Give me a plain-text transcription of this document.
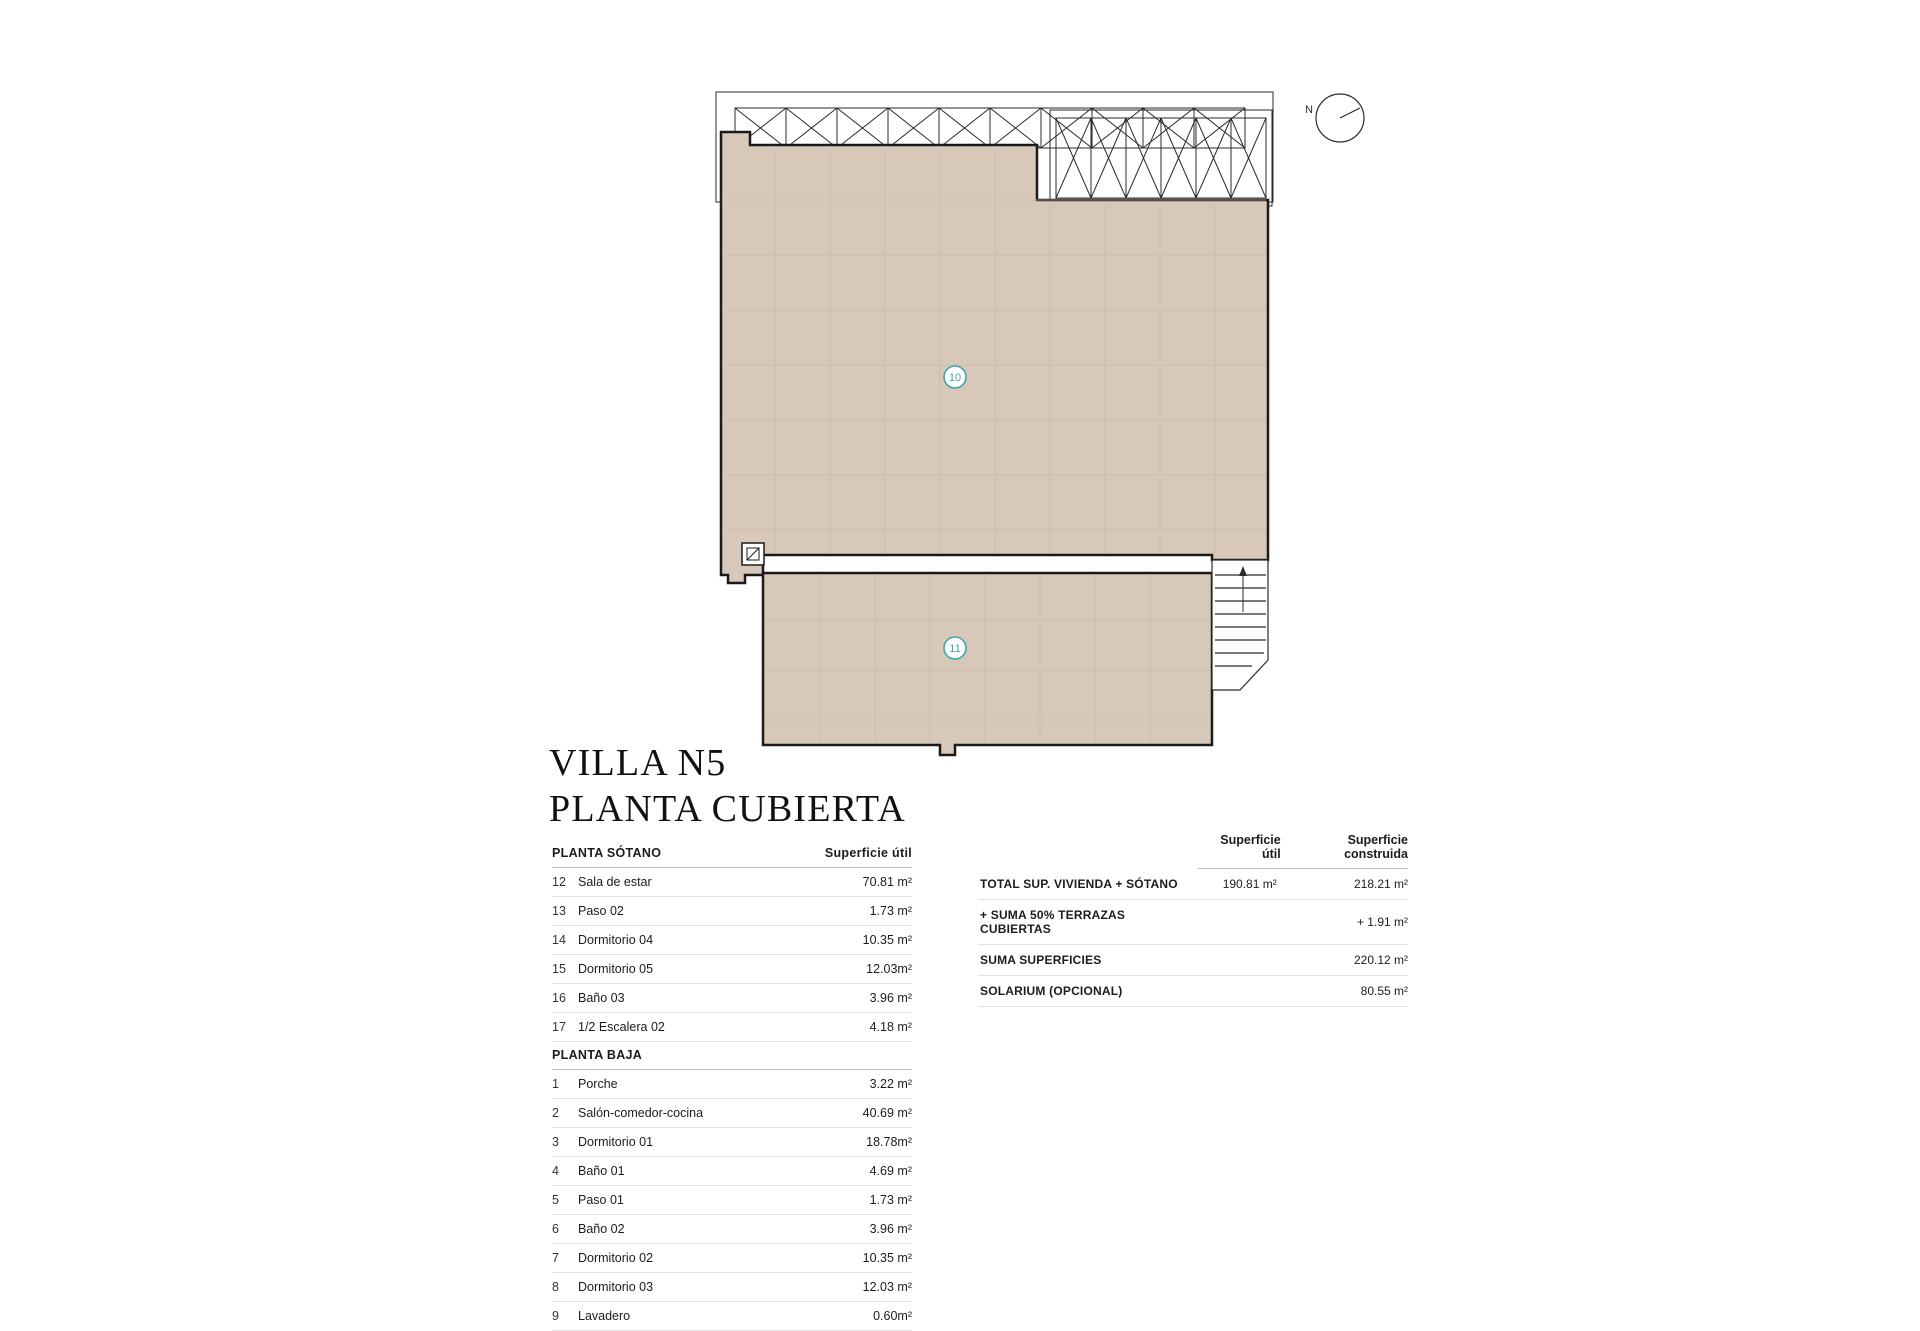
N
10
11
VILLA N5
PLANTA CUBIERTA
PLANTA SÓTANO		Superficie útil
12	Sala de estar	70.81 m²
13	Paso 02	1.73 m²
14	Dormitorio 04	10.35 m²
15	Dormitorio 05	12.03m²
16	Baño 03	3.96 m²
17	1/2 Escalera 02	4.18 m²
PLANTA BAJA		
1	Porche	3.22 m²
2	Salón-comedor-cocina	40.69 m²
3	Dormitorio 01	18.78m²
4	Baño 01	4.69 m²
5	Paso 01	1.73 m²
6	Baño 02	3.96 m²
7	Dormitorio 02	10.35 m²
8	Dormitorio 03	12.03 m²
9	Lavadero	0.60m²
	Superficie útil	Superficie construida
TOTAL SUP. VIVIENDA + SÓTANO	190.81 m²	218.21 m²
+ SUMA 50% TERRAZAS CUBIERTAS		+ 1.91 m²
SUMA SUPERFICIES		220.12 m²
SOLARIUM (OPCIONAL)		80.55 m²
